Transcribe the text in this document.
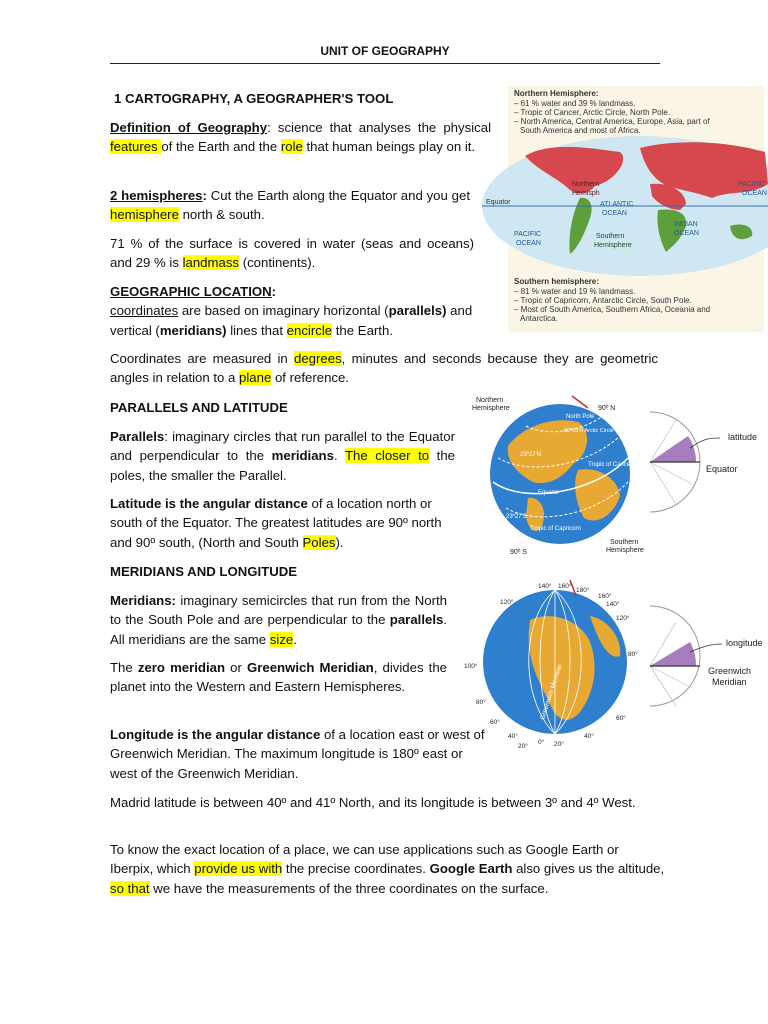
UNIT OF GEOGRAPHY

1 CARTOGRAPHY, A GEOGRAPHER'S TOOL

Definition of Geography: science that analyses the physical features of the Earth and the role that human beings play on it.

2 hemispheres: Cut the Earth along the Equator and you get hemisphere north & south.

71 % of the surface is covered in water (seas and oceans) and 29 % is landmass (continents).

GEOGRAPHIC LOCATION:
coordinates are based on imaginary horizontal (parallels) and vertical (meridians) lines that encircle the Earth.

Coordinates are measured in degrees, minutes and seconds because they are geometric angles in relation to a plane of reference.

PARALLELS AND LATITUDE

Parallels: imaginary circles that run parallel to the Equator and perpendicular to the meridians. The closer to the poles, the smaller the Parallel.

Latitude is the angular distance of a location north or south of the Equator. The greatest latitudes are 90º north and 90º south, (North and South Poles).

MERIDIANS AND LONGITUDE

Meridians: imaginary semicircles that run from the North to the South Pole and are perpendicular to the parallels. All meridians are the same size.

The zero meridian or Greenwich Meridian, divides the planet into the Western and Eastern Hemispheres.

Longitude is the angular distance of a location east or west of Greenwich Meridian. The maximum longitude is 180º east or west of the Greenwich Meridian.

Madrid latitude is between 40º and 41º North, and its longitude is between 3º and 4º West.

To know the exact location of a place, we can use applications such as Google Earth or Iberpix, which provide us with the precise coordinates. Google Earth also gives us the altitude, so that we have the measurements of the three coordinates on the surface.

Northern Hemisphere:
– 61 % water and 39 % landmass.
– Tropic of Cancer, Arctic Circle, North Pole.
– North America, Central America, Europe, Asia, part of
South America and most of Africa.
Northern
Hemisph
Equator	ATLANTIC
OCEAN
PACIFIC
OCEAN
PACIFIC
OCEAN
INDIAN
OCEAN
Southern
Hemisphere
Southern hemisphere:
– 81 % water and 19 % landmass.
– Tropic of Capricorn, Antarctic Circle, South Pole.
– Most of South America, Southern Africa, Oceania and
Antarctica.
Northern
Hemisphere	90º N
North Pole
66º33'N Arctic Circle
23º27'N
Tropic of Cancer
Equator
23º27'S
Tropic of Capricorn
90º S
Southern
Hemisphere
latitude
Equator
140° 160°
180°
160°
140°
120°
120°
100°
80°
80°
60°
60°
40°	40°
20°
0° 20°
Greenwich Meridian
longitude
Greenwich
Meridian
